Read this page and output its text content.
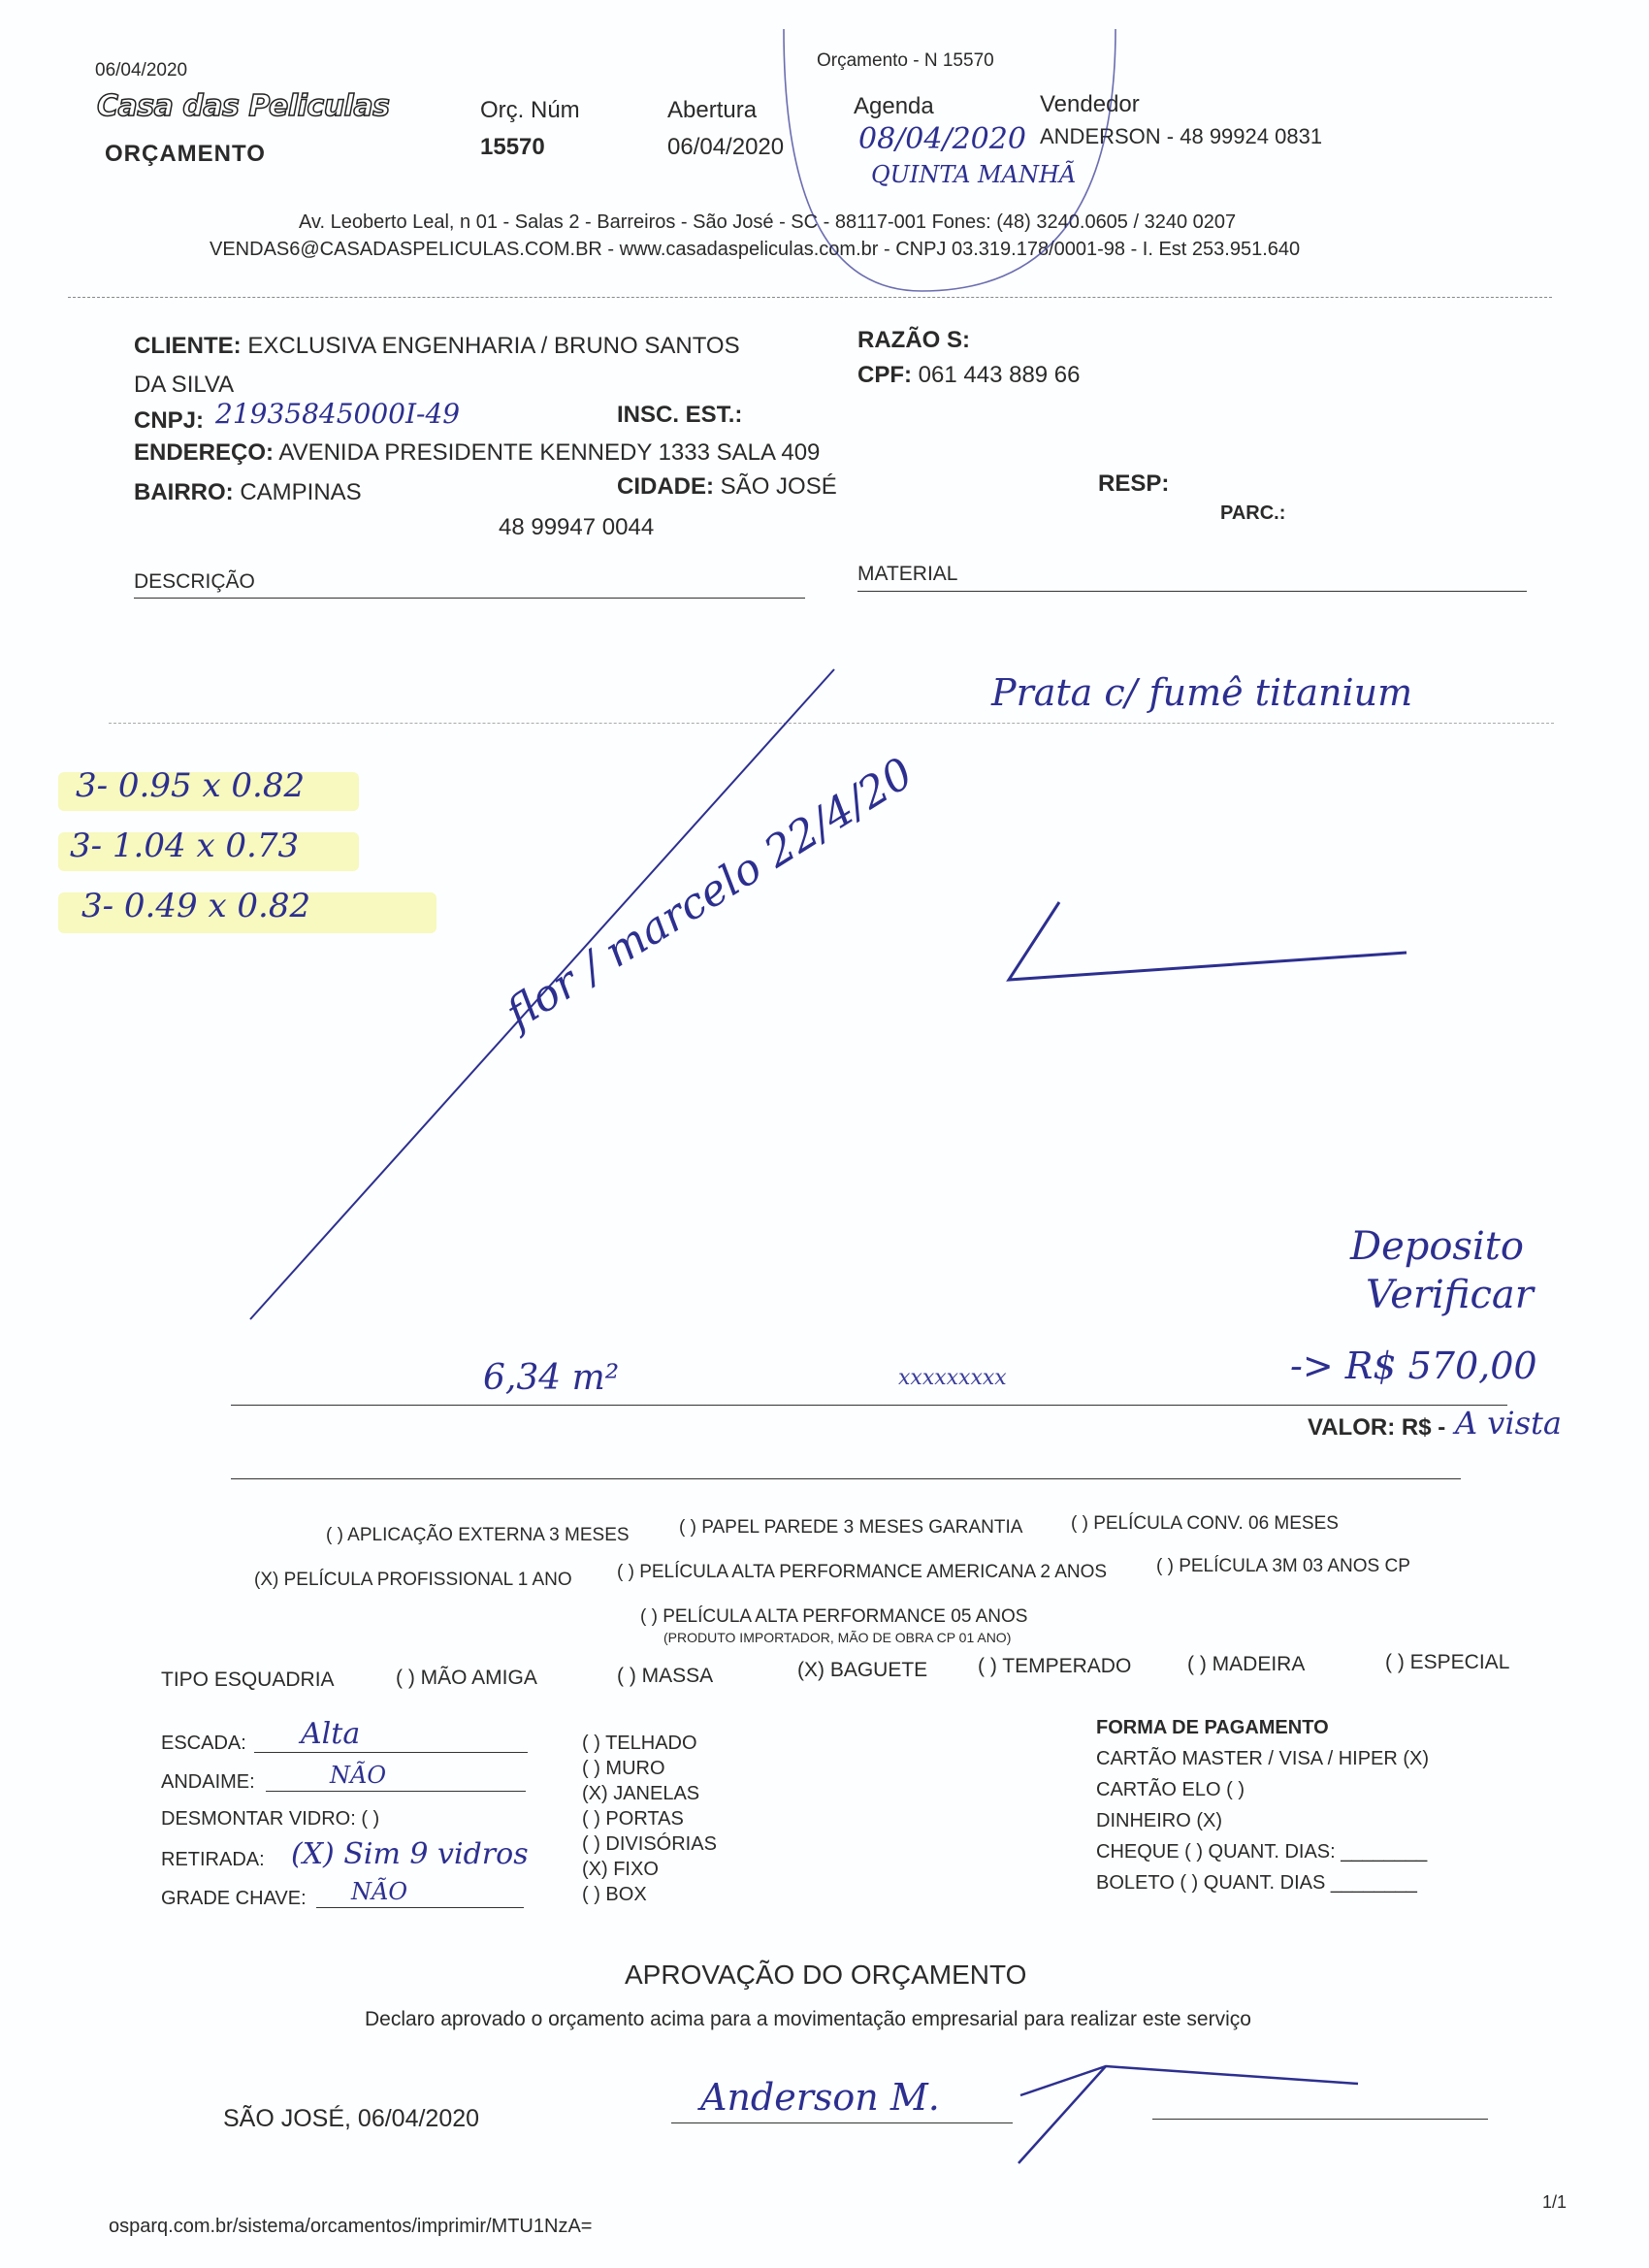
06/04/2020
Casa das Peliculas
ORÇAMENTO
Orç. Núm
15570
Abertura
06/04/2020
Agenda
08/04/2020
QUINTA MANHÃ
Vendedor
ANDERSON - 48 99924 0831
Orçamento - N 15570
Av. Leoberto Leal, n 01 - Salas 2 - Barreiros - São José - SC - 88117-001 Fones: (48) 3240.0605 / 3240 0207
VENDAS6@CASADASPELICULAS.COM.BR - www.casadaspeliculas.com.br - CNPJ 03.319.178/0001-98 - I. Est 253.951.640
CLIENTE: EXCLUSIVA ENGENHARIA / BRUNO SANTOS
DA SILVA
RAZÃO S:
CPF: 061 443 889 66
CNPJ: 21935845000I-49	INSC. EST.:
ENDEREÇO: AVENIDA PRESIDENTE KENNEDY 1333 SALA 409
BAIRRO: CAMPINAS	CIDADE: SÃO JOSÉ	RESP:
PARC.:
48 99947 0044
DESCRIÇÃO	MATERIAL
Prata c/ fumê titanium
3- 0.95 x 0.82
3- 1.04 x 0.73
3- 0.49 x 0.82	flor / marcelo 22/4/20
Deposito
Verificar
-> R$ 570,00
6,34 m²	xxxxxxxxx
VALOR: R$ - A vista
( ) APLICAÇÃO EXTERNA 3 MESES	( ) PAPEL PAREDE 3 MESES GARANTIA	( ) PELÍCULA CONV. 06 MESES
(X) PELÍCULA PROFISSIONAL 1 ANO ( ) PELÍCULA ALTA PERFORMANCE AMERICANA 2 ANOS	( ) PELÍCULA 3M 03 ANOS CP
( ) PELÍCULA ALTA PERFORMANCE 05 ANOS
(PRODUTO IMPORTADOR, MÃO DE OBRA CP 01 ANO)
TIPO ESQUADRIA	( ) MÃO AMIGA	( ) MASSA	(X) BAGUETE ( ) TEMPERADO	( ) MADEIRA	( ) ESPECIAL
ESCADA: Alta
ANDAIME:	NÃO
DESMONTAR VIDRO: ( )
RETIRADA: (X) Sim 9 vidros
GRADE CHAVE: NÃO
( ) TELHADO
( ) MURO
(X) JANELAS
( ) PORTAS
( ) DIVISÓRIAS
(X) FIXO
( ) BOX
FORMA DE PAGAMENTO
CARTÃO MASTER / VISA / HIPER (X)
CARTÃO ELO ( )
DINHEIRO (X)
CHEQUE ( ) QUANT. DIAS: ________
BOLETO ( ) QUANT. DIAS ________
APROVAÇÃO DO ORÇAMENTO
Declaro aprovado o orçamento acima para a movimentação empresarial para realizar este serviço
SÃO JOSÉ, 06/04/2020	Anderson M.
osparq.com.br/sistema/orcamentos/imprimir/MTU1NzA=
1/1
